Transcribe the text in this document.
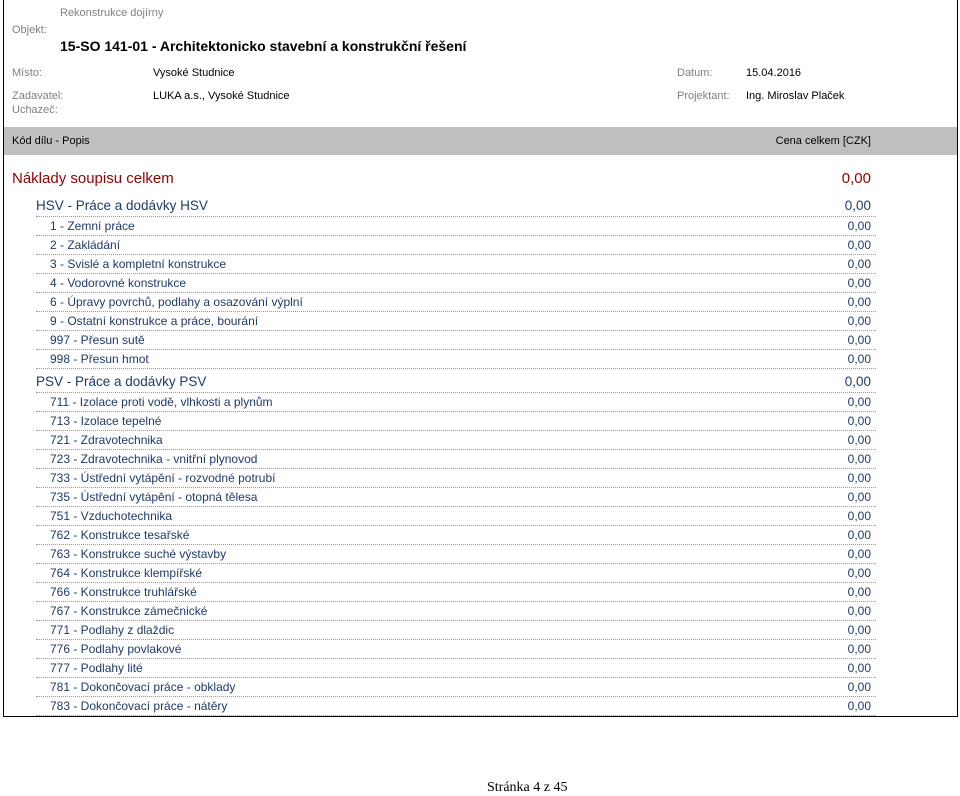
Rekonstrukce dojírny
Objekt:
15-SO 141-01 - Architektonicko stavební a konstrukční řešení
Místo:	Vysoké Studnice	Datum:	15.04.2016
Zadavatel:	LUKA a.s., Vysoké Studnice	Projektant: Ing. Miroslav Plaček
Uchazeč:
Kód dílu - Popis	Cena celkem [CZK]
Náklady soupisu celkem	0,00
HSV - Práce a dodávky HSV	0,00
1 - Zemní práce	0,00
2 - Zakládání	0,00
3 - Svislé a kompletní konstrukce	0,00
4 - Vodorovné konstrukce	0,00
6 - Úpravy povrchů, podlahy a osazování výplní	0,00
9 - Ostatní konstrukce a práce, bourání	0,00
997 - Přesun sutě	0,00
998 - Přesun hmot	0,00
PSV - Práce a dodávky PSV	0,00
711 - Izolace proti vodě, vlhkosti a plynům	0,00
713 - Izolace tepelné	0,00
721 - Zdravotechnika	0,00
723 - Zdravotechnika - vnitřní plynovod	0,00
733 - Ústřední vytápění - rozvodné potrubí	0,00
735 - Ústřední vytápění - otopná tělesa	0,00
751 - Vzduchotechnika	0,00
762 - Konstrukce tesařské	0,00
763 - Konstrukce suché výstavby	0,00
764 - Konstrukce klempířské	0,00
766 - Konstrukce truhlářské	0,00
767 - Konstrukce zámečnické	0,00
771 - Podlahy z dlaždic	0,00
776 - Podlahy povlakové	0,00
777 - Podlahy lité	0,00
781 - Dokončovací práce - obklady	0,00
783 - Dokončovací práce - nátěry	0,00
Stránka 4 z 45
